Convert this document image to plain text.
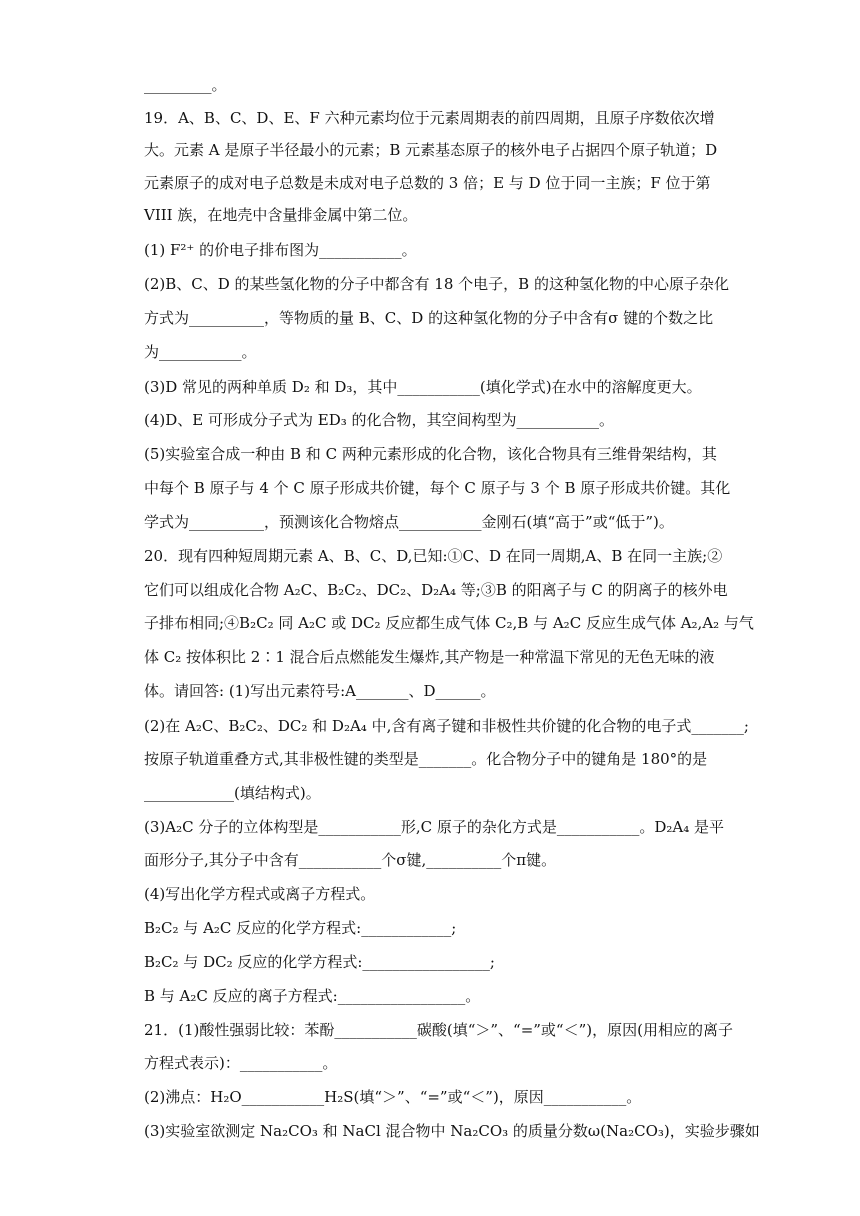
_________。
19．A、B、C、D、E、F 六种元素均位于元素周期表的前四周期，且原子序数依次增
大。元素 A 是原子半径最小的元素；B 元素基态原子的核外电子占据四个原子轨道；D
元素原子的成对电子总数是未成对电子总数的 3 倍；E 与 D 位于同一主族；F 位于第
VIII 族，在地壳中含量排金属中第二位。
(1) F²⁺ 的价电子排布图为___________。
(2)B、C、D 的某些氢化物的分子中都含有 18 个电子，B 的这种氢化物的中心原子杂化
方式为__________，等物质的量 B、C、D 的这种氢化物的分子中含有σ 键的个数之比
为___________。
(3)D 常见的两种单质 D₂ 和 D₃，其中___________(填化学式)在水中的溶解度更大。
(4)D、E 可形成分子式为 ED₃ 的化合物，其空间构型为___________。
(5)实验室合成一种由 B 和 C 两种元素形成的化合物，该化合物具有三维骨架结构，其
中每个 B 原子与 4 个 C 原子形成共价键，每个 C 原子与 3 个 B 原子形成共价键。其化
学式为__________，预测该化合物熔点___________金刚石(填“高于”或“低于”)。
20．现有四种短周期元素 A、B、C、D,已知:①C、D 在同一周期,A、B 在同一主族;②
它们可以组成化合物 A₂C、B₂C₂、DC₂、D₂A₄ 等;③B 的阳离子与 C 的阴离子的核外电
子排布相同;④B₂C₂ 同 A₂C 或 DC₂ 反应都生成气体 C₂,B 与 A₂C 反应生成气体 A₂,A₂ 与气
体 C₂ 按体积比 2∶1 混合后点燃能发生爆炸,其产物是一种常温下常见的无色无味的液
体。请回答: (1)写出元素符号:A_______、D______。
(2)在 A₂C、B₂C₂、DC₂ 和 D₂A₄ 中,含有离子键和非极性共价键的化合物的电子式_______;
按原子轨道重叠方式,其非极性键的类型是_______。化合物分子中的键角是 180°的是
____________(填结构式)。
(3)A₂C 分子的立体构型是___________形,C 原子的杂化方式是___________。D₂A₄ 是平
面形分子,其分子中含有___________个σ键,__________个π键。
(4)写出化学方程式或离子方程式。
B₂C₂ 与 A₂C 反应的化学方程式:____________;
B₂C₂ 与 DC₂ 反应的化学方程式:_________________;
B 与 A₂C 反应的离子方程式:_________________。
21．(1)酸性强弱比较：苯酚___________碳酸(填“＞”、“=”或“＜”)，原因(用相应的离子
方程式表示)：___________。
(2)沸点：H₂O___________H₂S(填“＞”、“=”或“＜”)，原因___________。
(3)实验室欲测定 Na₂CO₃ 和 NaCl 混合物中 Na₂CO₃ 的质量分数ω(Na₂CO₃)，实验步骤如
